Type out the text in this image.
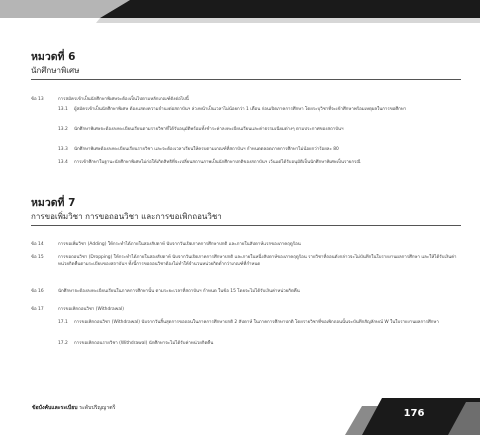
หมวดที่ 6
นักศึกษาพิเศษ
ข้อ 13	การสมัครเข้าเป็นนักศึกษาพิเศษจะต้องเป็นไปตามหลักเกณฑ์ดังต่อไปนี้
13.1	ผู้สมัครเข้าเป็นนักศึกษาพิเศษ ต้องแสดงความจำนงต่อสถาบันฯ ล่วงหน้าเป็นเวลาไม่น้อยกว่า 1 เดือน ก่อนเปิดภาคการศึกษา โดยระบุวิชาที่จะเข้าศึกษาพร้อมเหตุผลในการขอศึกษา
13.2	นักศึกษาพิเศษจะต้องลงทะเบียนเรียนตามรายวิชาที่ได้รับอนุมัติพร้อมทั้งชำระค่าลงทะเบียนเรียนและค่าธรรมเนียมต่างๆ ตามประกาศของสถาบันฯ
13.3	นักศึกษาพิเศษต้องลงทะเบียนเรียนรายวิชา และจะต้องเวลาเรียนให้ครบตามเกณฑ์ที่สถาบันฯ กำหนดตลอดภาคการศึกษาไม่น้อยกว่าร้อยละ 80
13.4	การเข้าศึกษาในฐานะนักศึกษาพิเศษไม่ก่อให้เกิดสิทธิที่จะเปลี่ยนสถานภาพเป็นนักศึกษาปกติของสถาบันฯ เว้นแต่ได้รับอนุมัติเป็นนักศึกษาพิเศษเป็นรายกรณี
หมวดที่ 7
การขอเพิ่มวิชา การขอถอนวิชา และการขอเพิกถอนวิชา
ข้อ 14	การขอเพิ่มวิชา (Adding) ให้กระทำได้ภายในสองสัปดาห์ นับจากวันเปิดภาคการศึกษาปกติ และภายในสัปดาห์แรกของภาคฤดูร้อน
ข้อ 15	การขอถอนวิชา (Dropping) ให้กระทำได้ภายในสองสัปดาห์ นับจากวันเปิดภาคการศึกษาปกติ และภายในหนึ่งสัปดาห์ของภาคฤดูร้อน รายวิชาที่ถอนดังกล่าวจะไม่บันทึกในใบรายงานผลการศึกษา และให้ได้รับเงินค่าหน่วยกิตคืนตามระเบียบของสถาบันฯ ทั้งนี้การขอถอนวิชาต้องไม่ทำให้จำนวนหน่วยกิตต่ำกว่าเกณฑ์ที่กำหนด
ข้อ 16	นักศึกษาจะต้องลงทะเบียนเรียนในภาคการศึกษานั้น ตามระยะเวลาที่สถาบันฯ กำหนด ในข้อ 15 โดยจะไม่ได้รับเงินค่าหน่วยกิตคืน
ข้อ 17	การขอเพิกถอนวิชา (Withdrawal)
17.1	การขอเพิกถอนวิชา (Withdrawal) นับจากวันสิ้นสุดการขอถอนในภาคการศึกษาปกติ 2 สัปดาห์ ในภาคการศึกษาปกติ โดยรายวิชาที่ขอเพิกถอนนั้นจะบันทึกสัญลักษณ์ W ในใบรายงานผลการศึกษา
17.2	การขอเพิกถอนรายวิชา (Withdrawal) นักศึกษาจะไม่ได้รับค่าหน่วยกิตคืน
ข้อบังคับและระเบียบ ระดับปริญญาตรี	176
